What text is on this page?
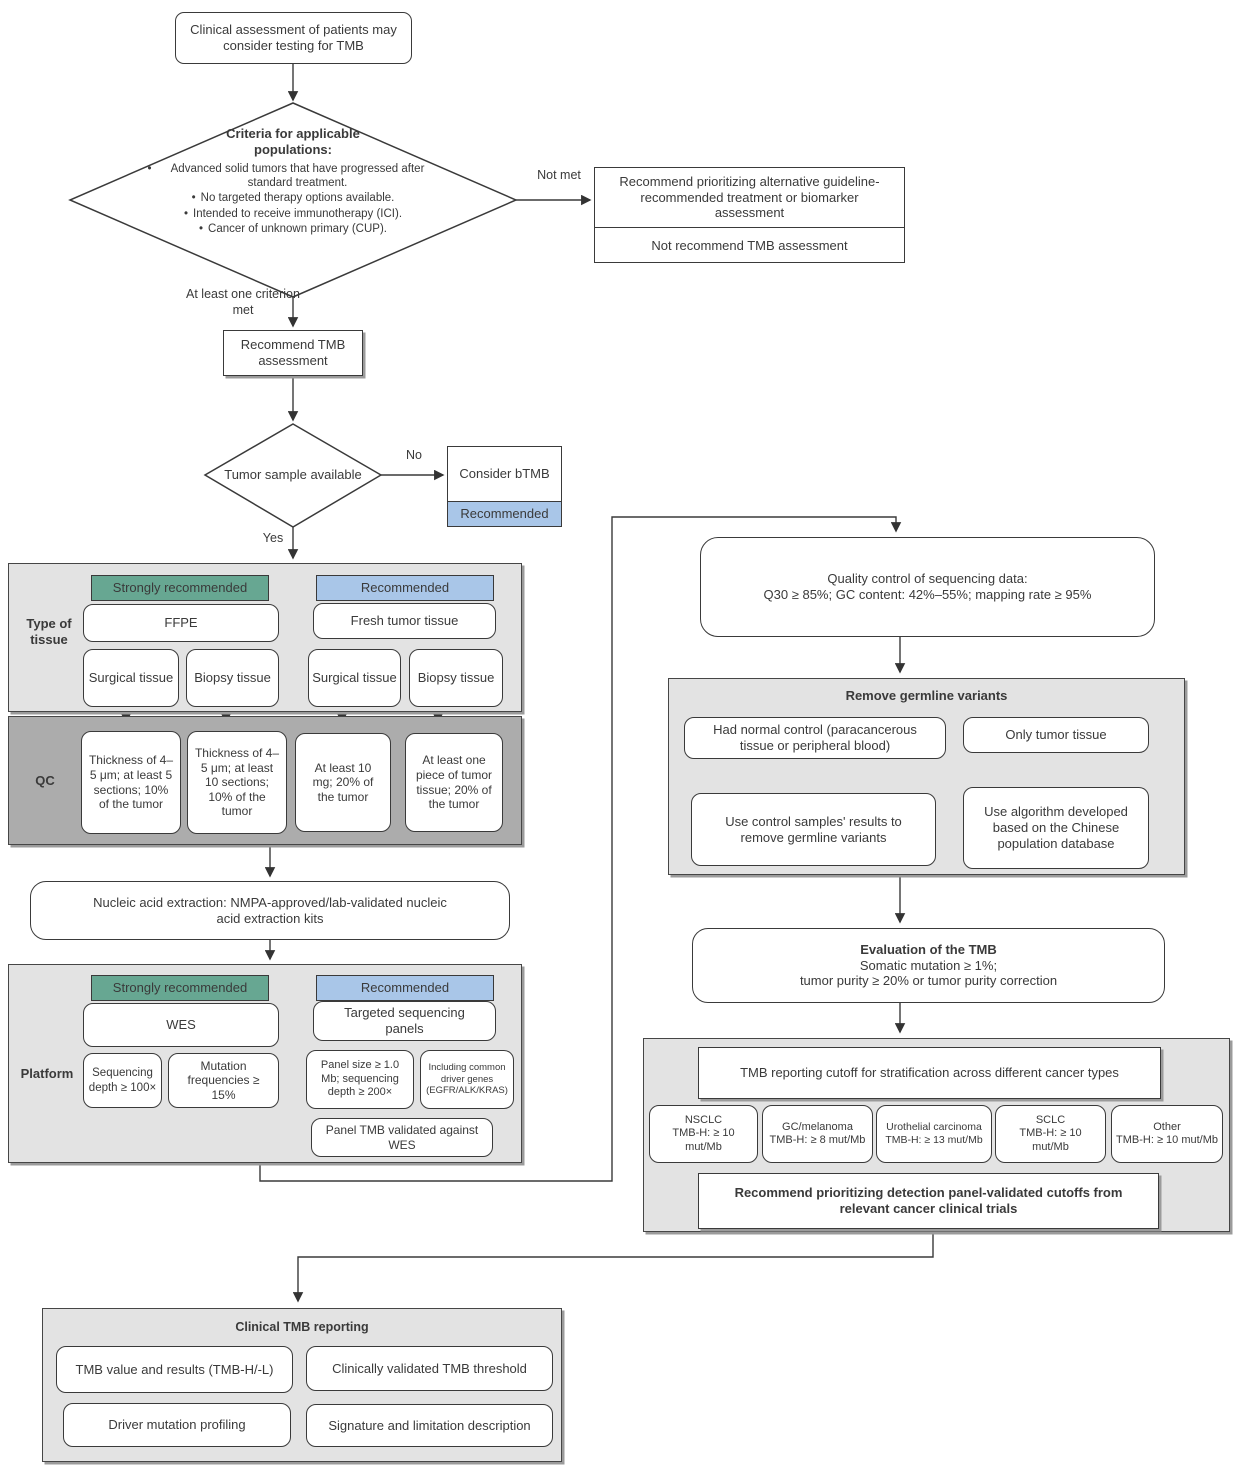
Clinical assessment of patients may consider testing for TMB
Criteria for applicable populations:
•	Advanced solid tumors that have progressed after standard treatment.
• No targeted therapy options available.
• Intended to receive immunotherapy (ICI).
• Cancer of unknown primary (CUP).
Not met
At least one criterion met
No
Yes
Recommend prioritizing alternative guideline-recommended treatment or biomarker assessment
Not recommend TMB assessment
Recommend TMB assessment
Tumor sample available	Consider bTMB
Recommended
Type of tissue
Strongly recommended	Recommended
FFPE	Fresh tumor tissue
Surgical tissue	Biopsy tissue	Surgical tissue	Biopsy tissue
QC
Thickness of 4–5 μm; at least 5 sections; 10% of the tumor
Thickness of 4–5 μm; at least 10 sections; 10% of the tumor
At least 10 mg; 20% of the tumor
At least one piece of tumor tissue; 20% of the tumor
Nucleic acid extraction: NMPA-approved/lab-validated nucleic acid extraction kits
Platform
Strongly recommended	Recommended
WES
Targeted sequencing panels
Sequencing depth ≥ 100×
Mutation frequencies ≥ 15%
Panel size ≥ 1.0 Mb; sequencing depth ≥ 200×
Including common driver genes (EGFR/ALK/KRAS)
Panel TMB validated against WES
Quality control of sequencing data:
Q30 ≥ 85%; GC content: 42%–55%; mapping rate ≥ 95%
Remove germline variants
Had normal control (paracancerous tissue or peripheral blood)
Only tumor tissue
Use control samples' results to remove germline variants
Use algorithm developed based on the Chinese population database
Evaluation of the TMB
Somatic mutation ≥ 1%;
tumor purity ≥ 20% or tumor purity correction
TMB reporting cutoff for stratification across different cancer types
NSCLC
TMB-H: ≥ 10 mut/Mb
GC/melanoma
TMB-H: ≥ 8 mut/Mb
Urothelial carcinoma
TMB-H: ≥ 13 mut/Mb
SCLC
TMB-H: ≥ 10 mut/Mb
Other
TMB-H: ≥ 10 mut/Mb
Recommend prioritizing detection panel-validated cutoffs from relevant cancer clinical trials
Clinical TMB reporting
TMB value and results (TMB-H/-L)	Clinically validated TMB threshold
Driver mutation profiling	Signature and limitation description
